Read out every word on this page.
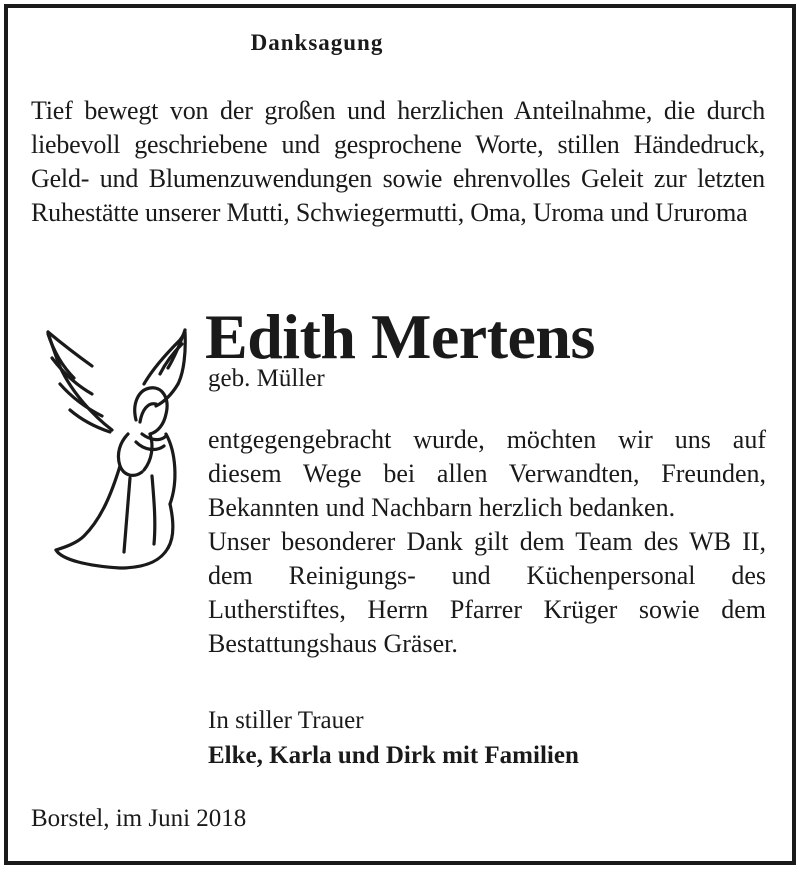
Danksagung
Tief bewegt von der großen und herzlichen Anteilnahme, die durch liebevoll geschriebene und gesprochene Worte, stillen Händedruck, Geld- und Blumenzuwendungen sowie ehrenvolles Geleit zur letzten Ruhestätte unserer Mutti, Schwiegermutti, Oma, Uroma und Ururoma
Edith Mertens
geb. Müller

entgegengebracht wurde, möchten wir uns auf diesem Wege bei allen Verwandten, Freunden, Bekannten und Nachbarn herzlich bedanken.

Unser besonderer Dank gilt dem Team des WB II, dem Reinigungs- und Küchenpersonal des Lutherstiftes, Herrn Pfarrer Krüger sowie dem Bestattungshaus Gräser.

In stiller Trauer
Elke, Karla und Dirk mit Familien
Borstel, im Juni 2018
